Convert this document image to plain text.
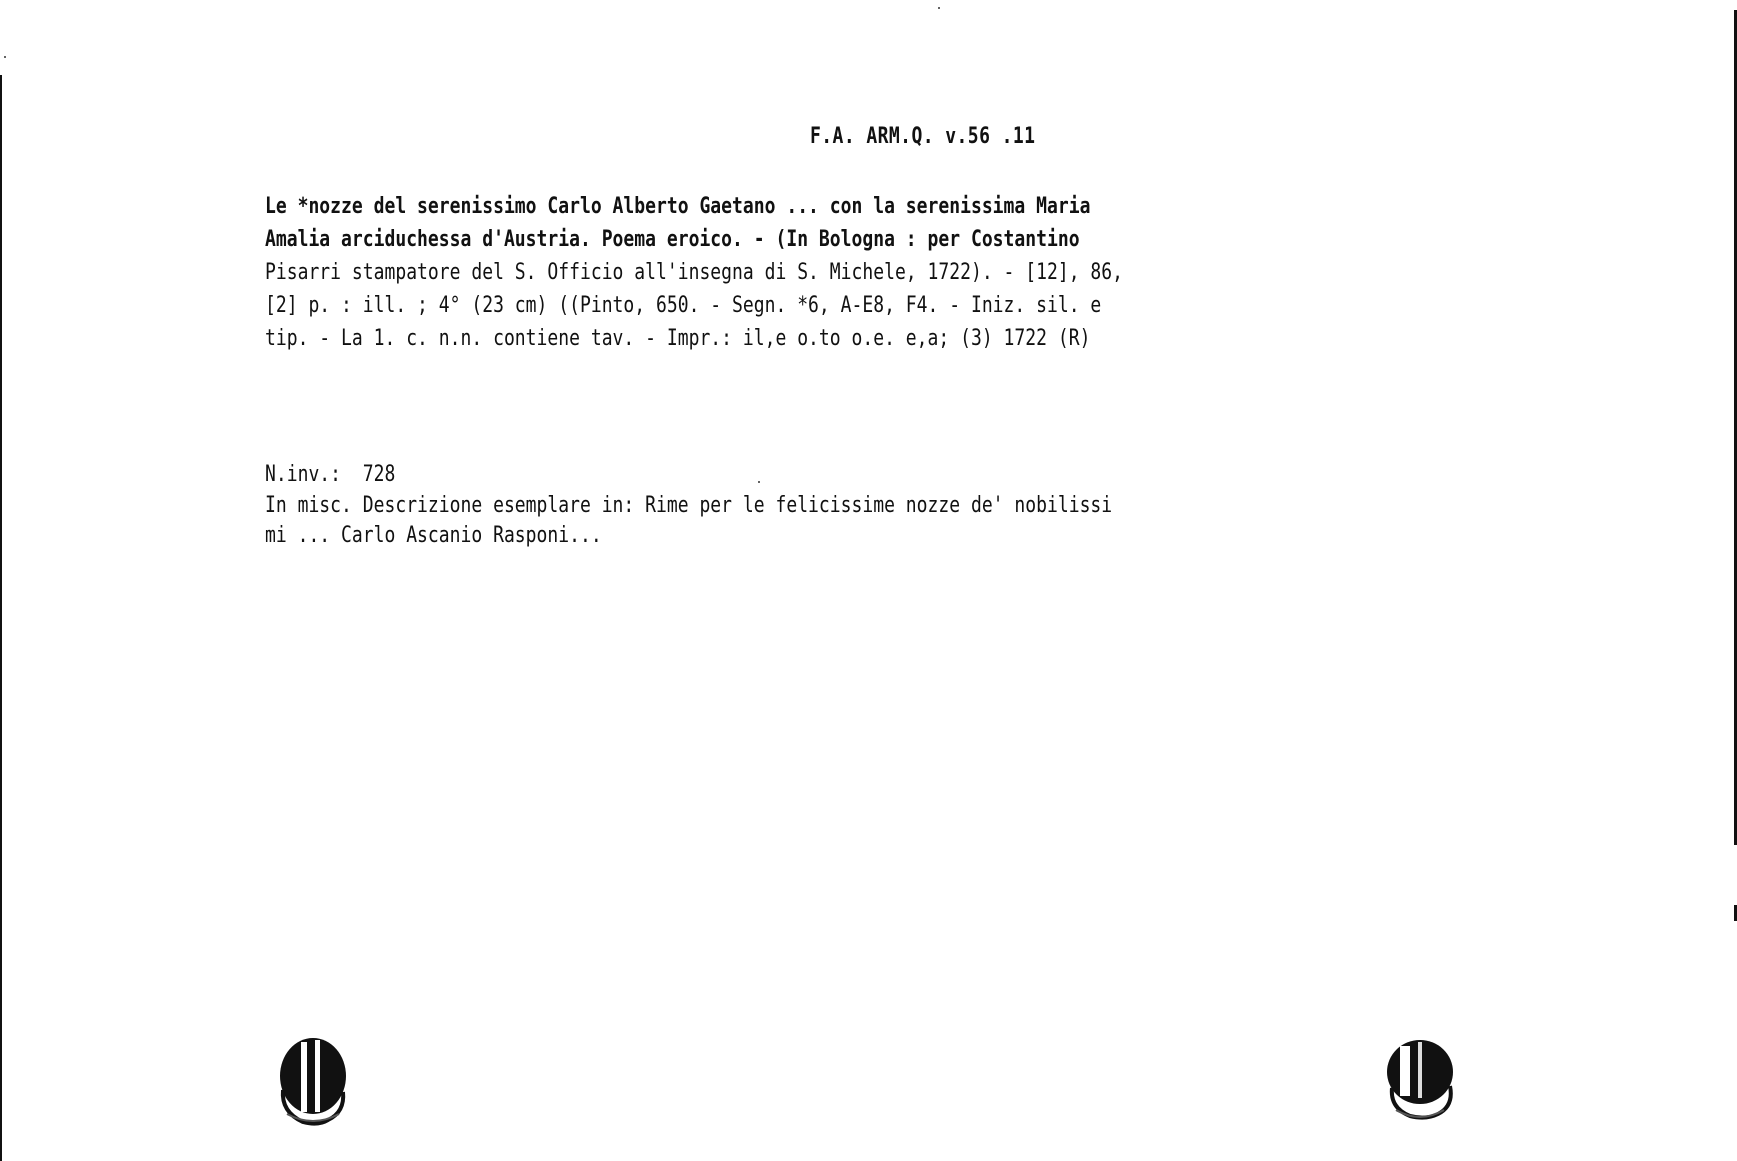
F.A. ARM.Q. v.56 .11
Le *nozze del serenissimo Carlo Alberto Gaetano ... con la serenissima Maria
Amalia arciduchessa d'Austria. Poema eroico. - (In Bologna : per Costantino
Pisarri stampatore del S. Officio all'insegna di S. Michele, 1722). - [12], 86,
[2] p. : ill. ; 4° (23 cm) ((Pinto, 650. - Segn. *6, A-E8, F4. - Iniz. sil. e
tip. - La 1. c. n.n. contiene tav. - Impr.: il,e o.to o.e. e,a; (3) 1722 (R)
N.inv.: 728
In misc. Descrizione esemplare in: Rime per le felicissime nozze de' nobilissi
mi ... Carlo Ascanio Rasponi...
